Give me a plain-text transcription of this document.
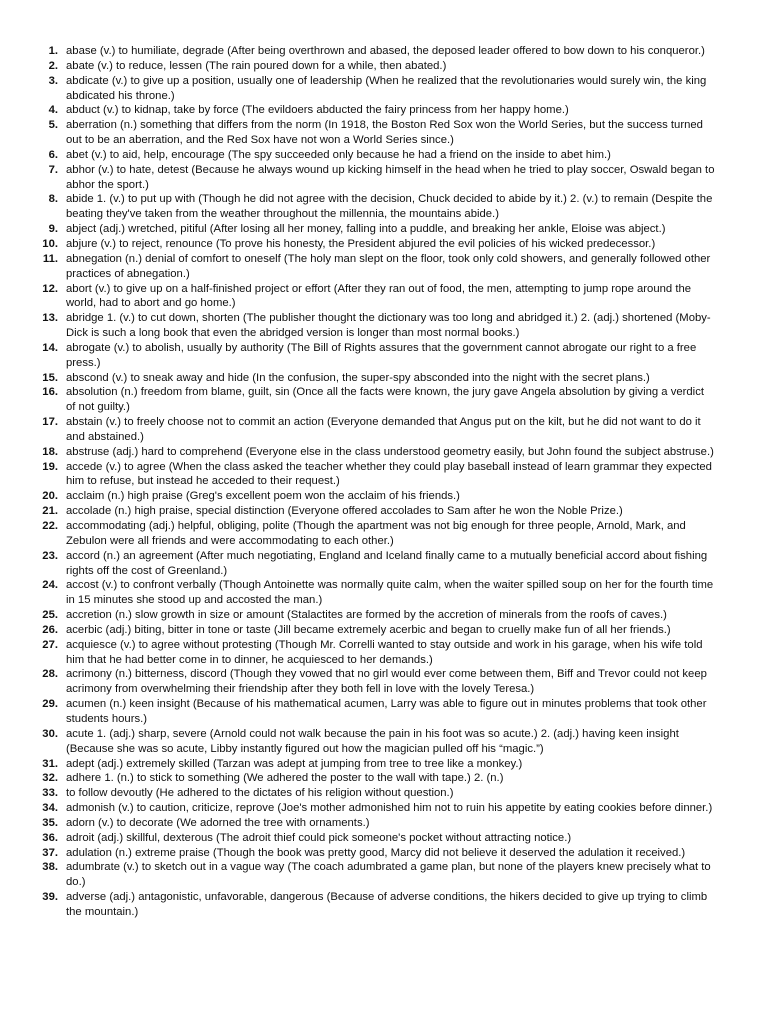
1. abase (v.) to humiliate, degrade (After being overthrown and abased, the deposed leader offered to bow down to his conqueror.)
2. abate (v.) to reduce, lessen (The rain poured down for a while, then abated.)
3. abdicate (v.) to give up a position, usually one of leadership (When he realized that the revolutionaries would surely win, the king abdicated his throne.)
4. abduct (v.) to kidnap, take by force (The evildoers abducted the fairy princess from her happy home.)
5. aberration (n.) something that differs from the norm (In 1918, the Boston Red Sox won the World Series, but the success turned out to be an aberration, and the Red Sox have not won a World Series since.)
6. abet (v.) to aid, help, encourage (The spy succeeded only because he had a friend on the inside to abet him.)
7. abhor (v.) to hate, detest (Because he always wound up kicking himself in the head when he tried to play soccer, Oswald began to abhor the sport.)
8. abide 1. (v.) to put up with (Though he did not agree with the decision, Chuck decided to abide by it.) 2. (v.) to remain (Despite the beating they've taken from the weather throughout the millennia, the mountains abide.)
9. abject (adj.) wretched, pitiful (After losing all her money, falling into a puddle, and breaking her ankle, Eloise was abject.)
10. abjure (v.) to reject, renounce (To prove his honesty, the President abjured the evil policies of his wicked predecessor.)
11. abnegation (n.) denial of comfort to oneself (The holy man slept on the floor, took only cold showers, and generally followed other practices of abnegation.)
12. abort (v.) to give up on a half-finished project or effort (After they ran out of food, the men, attempting to jump rope around the world, had to abort and go home.)
13. abridge 1. (v.) to cut down, shorten (The publisher thought the dictionary was too long and abridged it.) 2. (adj.) shortened (Moby-Dick is such a long book that even the abridged version is longer than most normal books.)
14. abrogate (v.) to abolish, usually by authority (The Bill of Rights assures that the government cannot abrogate our right to a free press.)
15. abscond (v.) to sneak away and hide (In the confusion, the super-spy absconded into the night with the secret plans.)
16. absolution (n.) freedom from blame, guilt, sin (Once all the facts were known, the jury gave Angela absolution by giving a verdict of not guilty.)
17. abstain (v.) to freely choose not to commit an action (Everyone demanded that Angus put on the kilt, but he did not want to do it and abstained.)
18. abstruse (adj.) hard to comprehend (Everyone else in the class understood geometry easily, but John found the subject abstruse.)
19. accede (v.) to agree (When the class asked the teacher whether they could play baseball instead of learn grammar they expected him to refuse, but instead he acceded to their request.)
20. acclaim (n.) high praise (Greg's excellent poem won the acclaim of his friends.)
21. accolade (n.) high praise, special distinction (Everyone offered accolades to Sam after he won the Noble Prize.)
22. accommodating (adj.) helpful, obliging, polite (Though the apartment was not big enough for three people, Arnold, Mark, and Zebulon were all friends and were accommodating to each other.)
23. accord (n.) an agreement (After much negotiating, England and Iceland finally came to a mutually beneficial accord about fishing rights off the cost of Greenland.)
24. accost (v.) to confront verbally (Though Antoinette was normally quite calm, when the waiter spilled soup on her for the fourth time in 15 minutes she stood up and accosted the man.)
25. accretion (n.) slow growth in size or amount (Stalactites are formed by the accretion of minerals from the roofs of caves.)
26. acerbic (adj.) biting, bitter in tone or taste (Jill became extremely acerbic and began to cruelly make fun of all her friends.)
27. acquiesce (v.) to agree without protesting (Though Mr. Correlli wanted to stay outside and work in his garage, when his wife told him that he had better come in to dinner, he acquiesced to her demands.)
28. acrimony (n.) bitterness, discord (Though they vowed that no girl would ever come between them, Biff and Trevor could not keep acrimony from overwhelming their friendship after they both fell in love with the lovely Teresa.)
29. acumen (n.) keen insight (Because of his mathematical acumen, Larry was able to figure out in minutes problems that took other students hours.)
30. acute 1. (adj.) sharp, severe (Arnold could not walk because the pain in his foot was so acute.) 2. (adj.) having keen insight (Because she was so acute, Libby instantly figured out how the magician pulled off his “magic.”)
31. adept (adj.) extremely skilled (Tarzan was adept at jumping from tree to tree like a monkey.)
32. adhere 1. (n.) to stick to something (We adhered the poster to the wall with tape.) 2. (n.)
33. to follow devoutly (He adhered to the dictates of his religion without question.)
34. admonish (v.) to caution, criticize, reprove (Joe's mother admonished him not to ruin his appetite by eating cookies before dinner.)
35. adorn (v.) to decorate (We adorned the tree with ornaments.)
36. adroit (adj.) skillful, dexterous (The adroit thief could pick someone's pocket without attracting notice.)
37. adulation (n.) extreme praise (Though the book was pretty good, Marcy did not believe it deserved the adulation it received.)
38. adumbrate (v.) to sketch out in a vague way (The coach adumbrated a game plan, but none of the players knew precisely what to do.)
39. adverse (adj.) antagonistic, unfavorable, dangerous (Because of adverse conditions, the hikers decided to give up trying to climb the mountain.)
